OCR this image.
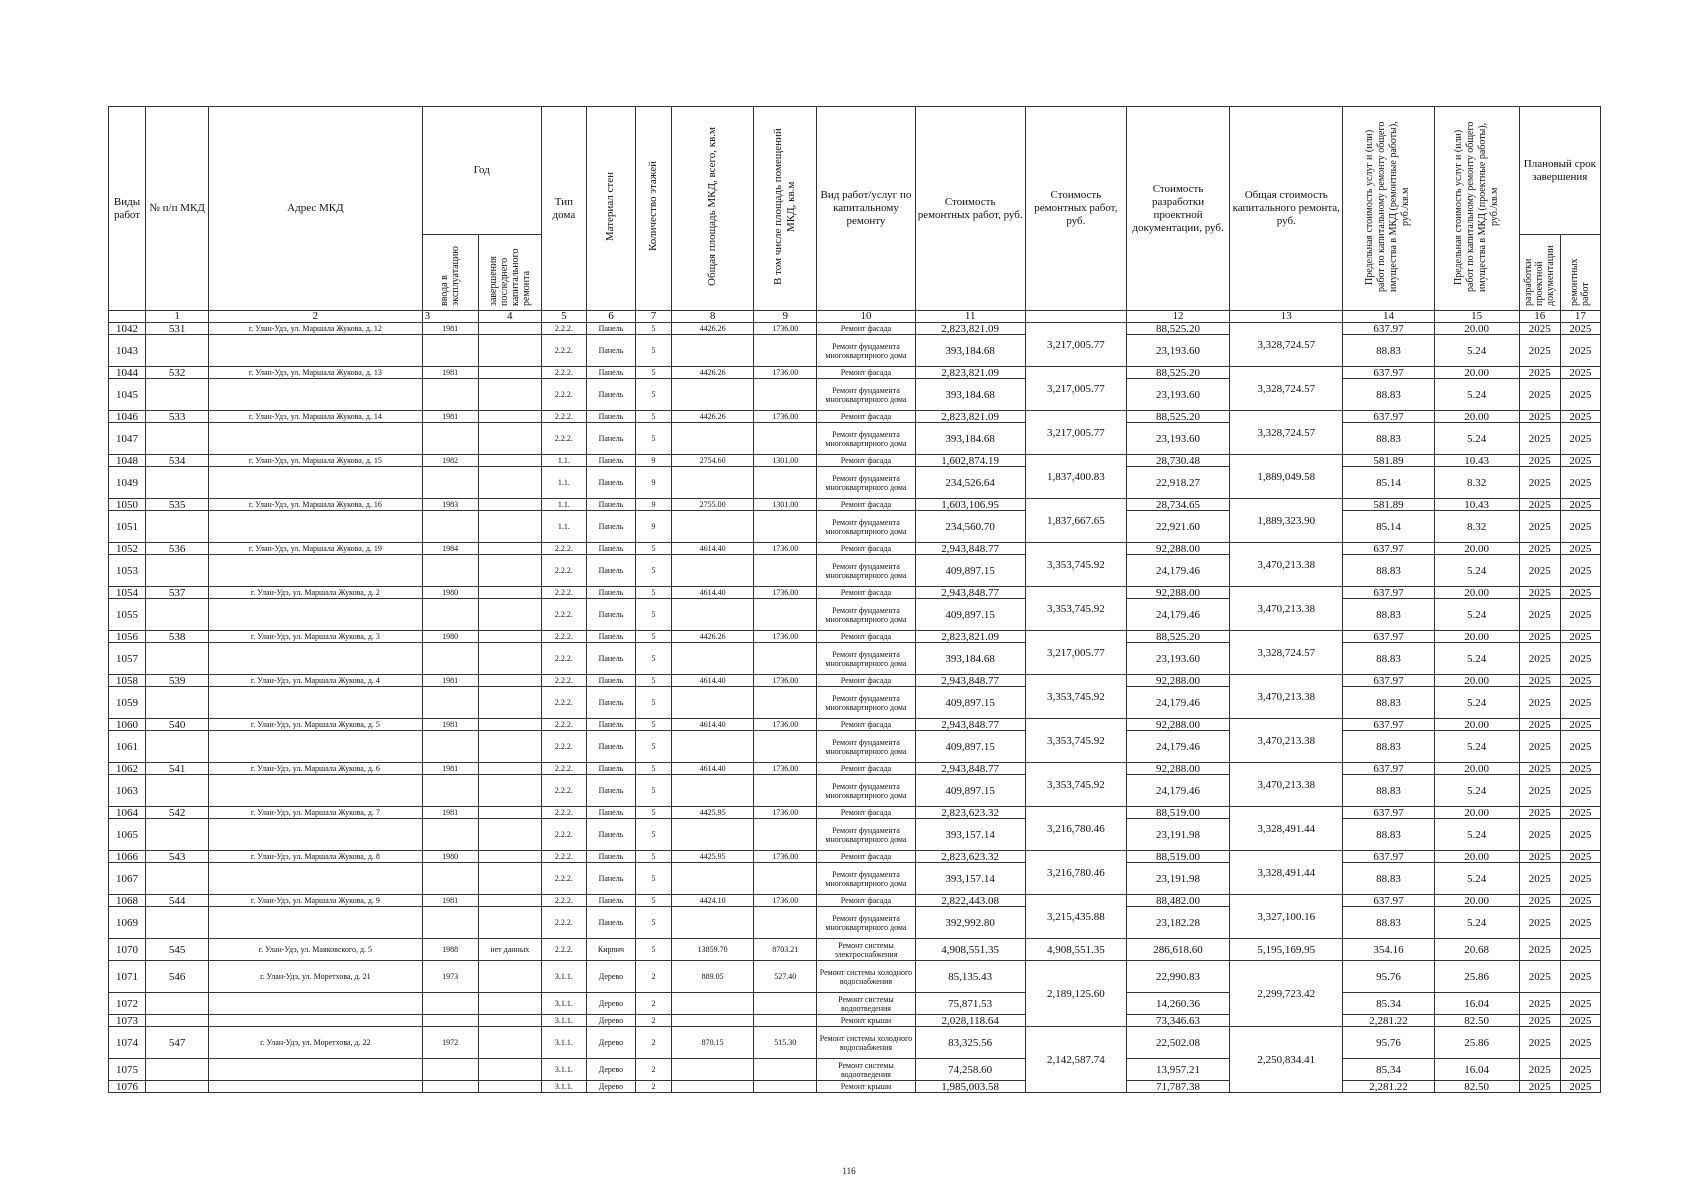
Виды работ	№ п/п МКД	Адрес МКД	Год		Тип дома	Материал стен	Количество этажей	Общая площадь МКД, всего, кв.м	В том числе площадь помещений МКД, кв.м	Вид работ/услуг по капитальному ремонту	Стоимость ремонтных работ, руб.	Стоимость ремонтных работ, руб.	Стоимость разработки проектной документации, руб.	Общая стоимость капитального ремонта, руб.	Предельная стоимость услуг и (или) работ по капитальному ремонту общего имущества в МКД (ремонтные работы), руб./кв.м	Предельная стоимость услуг и (или) работ по капитальному ремонту общего имущества в МКД (проектные работы), руб./кв.м	Плановый срок завершения	
			ввода в эксплуатацию	завершения последнего капитального ремонта													разработки проектной документации	ремонтных работ
	1	2	3	4	5	6	7	8	9	10	11		12	13	14	15	16	17
1042	531	г. Улан-Удэ, ул. Маршала Жукова, д. 12	1981		2.2.2.	Панель	5	4426.26	1736.00	Ремонт фасада	2,823,821.09	3,217,005.77	88,525.20	3,328,724.57	637.97	20.00	2025	2025
1043					2.2.2.	Панель	5			Ремонт фундамента многоквартирного дома	393,184.68		23,193.60		88.83	5.24	2025	2025
1044	532	г. Улан-Удэ, ул. Маршала Жукова, д. 13	1981		2.2.2.	Панель	5	4426.26	1736.00	Ремонт фасада	2,823,821.09	3,217,005.77	88,525.20	3,328,724.57	637.97	20.00	2025	2025
1045					2.2.2.	Панель	5			Ремонт фундамента многоквартирного дома	393,184.68		23,193.60		88.83	5.24	2025	2025
1046	533	г. Улан-Удэ, ул. Маршала Жукова, д. 14	1981		2.2.2.	Панель	5	4426.26	1736.00	Ремонт фасада	2,823,821.09	3,217,005.77	88,525.20	3,328,724.57	637.97	20.00	2025	2025
1047					2.2.2.	Панель	5			Ремонт фундамента многоквартирного дома	393,184.68		23,193.60		88.83	5.24	2025	2025
1048	534	г. Улан-Удэ, ул. Маршала Жукова, д. 15	1982		1.1.	Панель	9	2754.60	1301.00	Ремонт фасада	1,602,874.19	1,837,400.83	28,730.48	1,889,049.58	581.89	10.43	2025	2025
1049					1.1.	Панель	9			Ремонт фундамента многоквартирного дома	234,526.64		22,918.27		85.14	8.32	2025	2025
1050	535	г. Улан-Удэ, ул. Маршала Жукова, д. 16	1983		1.1.	Панель	9	2755.00	1301.00	Ремонт фасада	1,603,106.95	1,837,667.65	28,734.65	1,889,323.90	581.89	10.43	2025	2025
1051					1.1.	Панель	9			Ремонт фундамента многоквартирного дома	234,560.70		22,921.60		85.14	8.32	2025	2025
1052	536	г. Улан-Удэ, ул. Маршала Жукова, д. 19	1984		2.2.2.	Панель	5	4614.40	1736.00	Ремонт фасада	2,943,848.77	3,353,745.92	92,288.00	3,470,213.38	637.97	20.00	2025	2025
1053					2.2.2.	Панель	5			Ремонт фундамента многоквартирного дома	409,897.15		24,179.46		88.83	5.24	2025	2025
1054	537	г. Улан-Удэ, ул. Маршала Жукова, д. 2	1980		2.2.2.	Панель	5	4614.40	1736.00	Ремонт фасада	2,943,848.77	3,353,745.92	92,288.00	3,470,213.38	637.97	20.00	2025	2025
1055					2.2.2.	Панель	5			Ремонт фундамента многоквартирного дома	409,897.15		24,179.46		88.83	5.24	2025	2025
1056	538	г. Улан-Удэ, ул. Маршала Жукова, д. 3	1980		2.2.2.	Панель	5	4426.26	1736.00	Ремонт фасада	2,823,821.09	3,217,005.77	88,525.20	3,328,724.57	637.97	20.00	2025	2025
1057					2.2.2.	Панель	5			Ремонт фундамента многоквартирного дома	393,184.68		23,193.60		88.83	5.24	2025	2025
1058	539	г. Улан-Удэ, ул. Маршала Жукова, д. 4	1981		2.2.2.	Панель	5	4614.40	1736.00	Ремонт фасада	2,943,848.77	3,353,745.92	92,288.00	3,470,213.38	637.97	20.00	2025	2025
1059					2.2.2.	Панель	5			Ремонт фундамента многоквартирного дома	409,897.15		24,179.46		88.83	5.24	2025	2025
1060	540	г. Улан-Удэ, ул. Маршала Жукова, д. 5	1981		2.2.2.	Панель	5	4614.40	1736.00	Ремонт фасада	2,943,848.77	3,353,745.92	92,288.00	3,470,213.38	637.97	20.00	2025	2025
1061					2.2.2.	Панель	5			Ремонт фундамента многоквартирного дома	409,897.15		24,179.46		88.83	5.24	2025	2025
1062	541	г. Улан-Удэ, ул. Маршала Жукова, д. 6	1981		2.2.2.	Панель	5	4614.40	1736.00	Ремонт фасада	2,943,848.77	3,353,745.92	92,288.00	3,470,213.38	637.97	20.00	2025	2025
1063					2.2.2.	Панель	5			Ремонт фундамента многоквартирного дома	409,897.15		24,179.46		88.83	5.24	2025	2025
1064	542	г. Улан-Удэ, ул. Маршала Жукова, д. 7	1981		2.2.2.	Панель	5	4425.95	1736.00	Ремонт фасада	2,823,623.32	3,216,780.46	88,519.00	3,328,491.44	637.97	20.00	2025	2025
1065					2.2.2.	Панель	5			Ремонт фундамента многоквартирного дома	393,157.14		23,191.98		88.83	5.24	2025	2025
1066	543	г. Улан-Удэ, ул. Маршала Жукова, д. 8	1980		2.2.2.	Панель	5	4425.95	1736.00	Ремонт фасада	2,823,623.32	3,216,780.46	88,519.00	3,328,491.44	637.97	20.00	2025	2025
1067					2.2.2.	Панель	5			Ремонт фундамента многоквартирного дома	393,157.14		23,191.98		88.83	5.24	2025	2025
1068	544	г. Улан-Удэ, ул. Маршала Жукова, д. 9	1981		2.2.2.	Панель	5	4424.10	1736.00	Ремонт фасада	2,822,443.08	3,215,435.88	88,482.00	3,327,100.16	637.97	20.00	2025	2025
1069					2.2.2.	Панель	5			Ремонт фундамента многоквартирного дома	392,992.80		23,182.28		88.83	5.24	2025	2025
1070	545	г. Улан-Удэ, ул. Маяковского, д. 5	1988	нет данных	2.2.2.	Кирпич	5	13859.70	8703.21	Ремонт системы электроснабжения	4,908,551.35	4,908,551.35	286,618.60	5,195,169.95	354.16	20.68	2025	2025
1071	546	г. Улан-Удэ, ул. Моретхова, д. 21	1973		3.1.1.	Дерево	2	889.05	527.40	Ремонт системы холодного водоснабжения	85,135.43	2,189,125.60	22,990.83	2,299,723.42	95.76	25.86	2025	2025
1072					3.1.1.	Дерево	2			Ремонт системы водоотведения	75,871.53		14,260.36		85.34	16.04	2025	2025
1073					3.1.1.	Дерево	2			Ремонт крыши	2,028,118.64		73,346.63		2,281.22	82.50	2025	2025
1074	547	г. Улан-Удэ, ул. Моретхова, д. 22	1972		3.1.1.	Дерево	2	870.15	515.30	Ремонт системы холодного водоснабжения	83,325.56	2,142,587.74	22,502.08	2,250,834.41	95.76	25.86	2025	2025
1075					3.1.1.	Дерево	2			Ремонт системы водоотведения	74,258.60		13,957.21		85.34	16.04	2025	2025
1076					3.1.1.	Дерево	2			Ремонт крыши	1,985,003.58		71,787.38		2,281.22	82.50	2025	2025
116
